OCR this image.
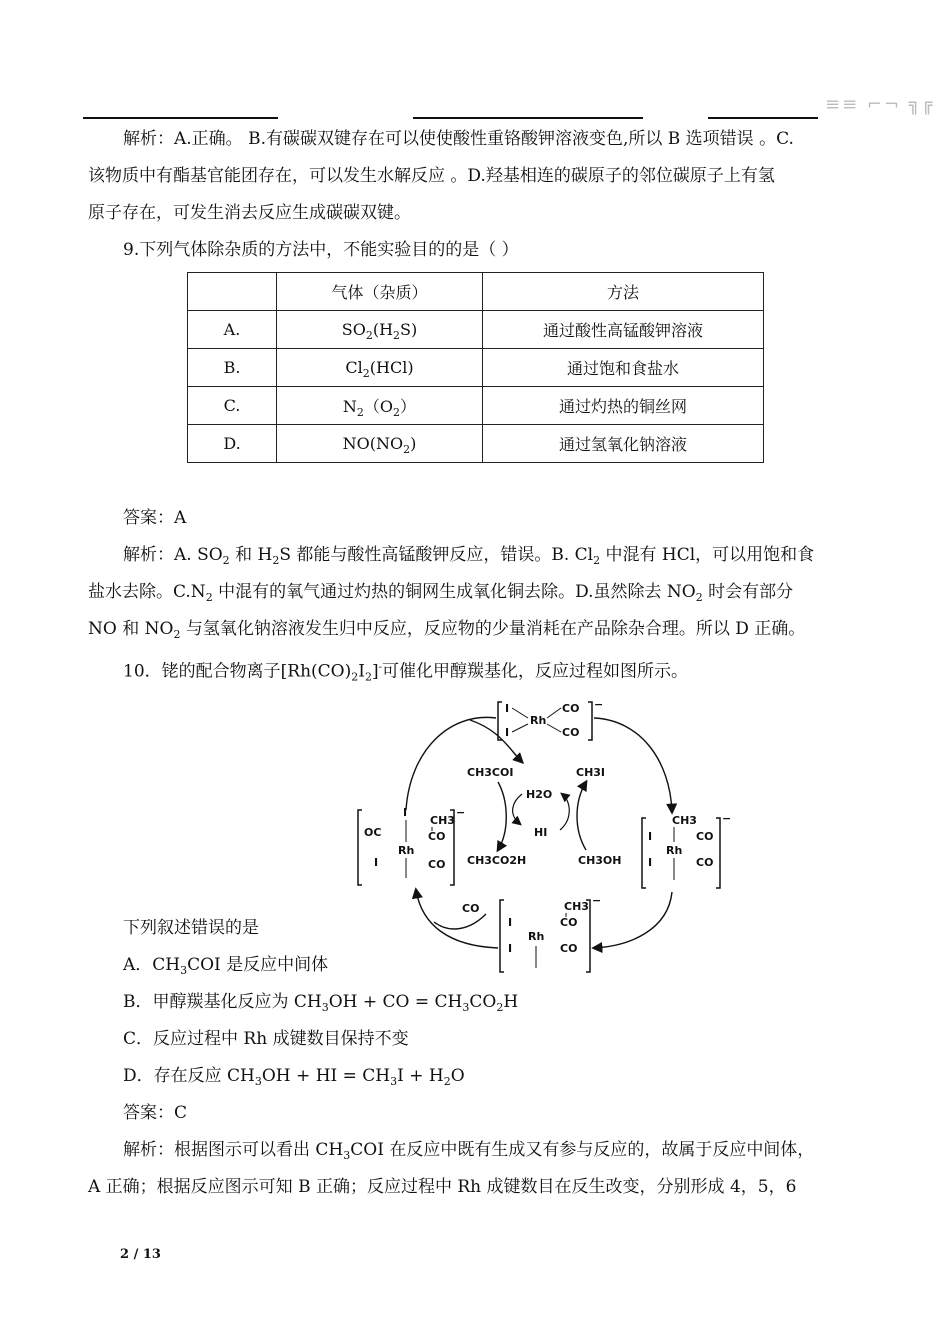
≡≡ ⌐¬ ╗╔
解析：A.正确。 B.有碳碳双键存在可以使使酸性重铬酸钾溶液变色,所以 B 选项错误 。C.
该物质中有酯基官能团存在，可以发生水解反应 。D.羟基相连的碳原子的邻位碳原子上有氢
原子存在，可发生消去反应生成碳碳双键。
9.下列气体除杂质的方法中，不能实验目的的是（ ）
	气体（杂质）	方法
A.	$SO_2(H_2S)$	通过酸性高锰酸钾溶液
B.	$Cl_2(HCl)$	通过饱和食盐水
C.	$N_2(O_2)$	通过灼热的铜丝网
D.	$NO(NO_2)$	通过氢氧化钠溶液
答案：A
解析：A. $SO_2$ 和 $H_2S$ 都能与酸性高锰酸钾反应，错误。B. $Cl_2$ 中混有 HCl，可以用饱和食
盐水去除。$C.N_2$ 中混有的氧气通过灼热的铜网生成氧化铜去除。D.虽然除去 $NO_2$ 时会有部分
NO 和 $NO_2$ 与氢氧化钠溶液发生归中反应，反应物的少量消耗在产品除杂合理。所以 D 正确。
10．铑的配合物离子$[Rh(CO)_2I_2]^-$可催化甲醇羰基化，反应过程如图所示。
I
I
Rh
CO
CO
−
OC
I
Rh
I
CH3
CO
CO
−
CH3
I
I
Rh
CO
CO
−
CH3
CO
I
I
Rh
CO
−
CH3COI	CH3I
H2O
HI
CH3CO2H	CH3OH
CO
下列叙述错误的是
A．$CH_3COI$ 是反应中间体
B．甲醇羰基化反应为 $CH_3OH$ + CO = $CH_3CO_2H$
C．反应过程中 Rh 成键数目保持不变
D．存在反应 $CH_3OH$ + HI = $CH_3I + H_2O$
答案：C
解析：根据图示可以看出 $CH_3COI$ 在反应中既有生成又有参与反应的，故属于反应中间体，
A 正确；根据反应图示可知 B 正确；反应过程中 Rh 成键数目在反生改变，分别形成 4，5，6
2 / 13
